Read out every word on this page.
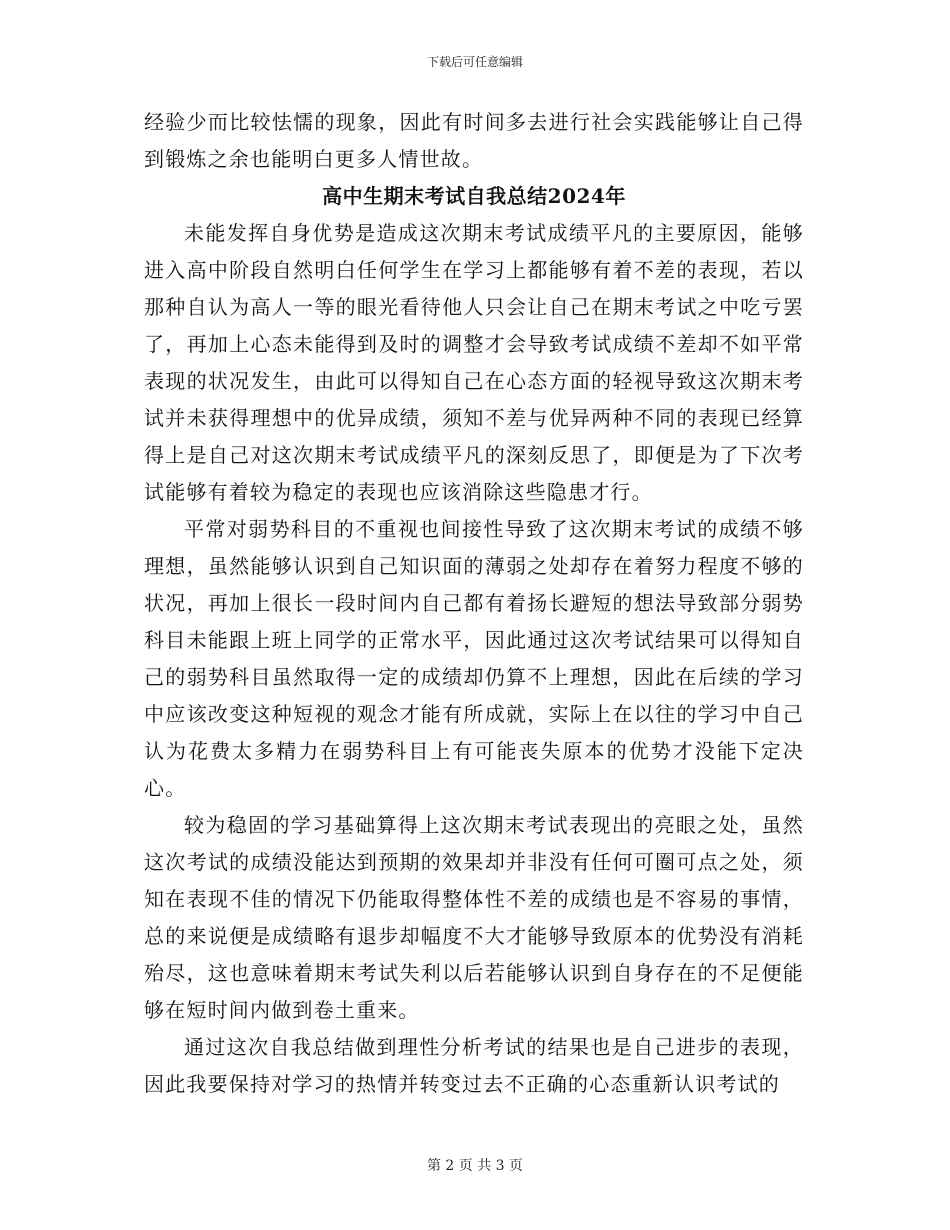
下载后可任意编辑

经验少而比较怯懦的现象，因此有时间多去进行社会实践能够让自己得到锻炼之余也能明白更多人情世故。

高中生期末考试自我总结2024年

未能发挥自身优势是造成这次期末考试成绩平凡的主要原因，能够进入高中阶段自然明白任何学生在学习上都能够有着不差的表现，若以那种自认为高人一等的眼光看待他人只会让自己在期末考试之中吃亏罢了，再加上心态未能得到及时的调整才会导致考试成绩不差却不如平常表现的状况发生，由此可以得知自己在心态方面的轻视导致这次期末考试并未获得理想中的优异成绩，须知不差与优异两种不同的表现已经算得上是自己对这次期末考试成绩平凡的深刻反思了，即便是为了下次考试能够有着较为稳定的表现也应该消除这些隐患才行。

平常对弱势科目的不重视也间接性导致了这次期末考试的成绩不够理想，虽然能够认识到自己知识面的薄弱之处却存在着努力程度不够的状况，再加上很长一段时间内自己都有着扬长避短的想法导致部分弱势科目未能跟上班上同学的正常水平，因此通过这次考试结果可以得知自己的弱势科目虽然取得一定的成绩却仍算不上理想，因此在后续的学习中应该改变这种短视的观念才能有所成就，实际上在以往的学习中自己认为花费太多精力在弱势科目上有可能丧失原本的优势才没能下定决心。

较为稳固的学习基础算得上这次期末考试表现出的亮眼之处，虽然这次考试的成绩没能达到预期的效果却并非没有任何可圈可点之处，须知在表现不佳的情况下仍能取得整体性不差的成绩也是不容易的事情，总的来说便是成绩略有退步却幅度不大才能够导致原本的优势没有消耗殆尽，这也意味着期末考试失利以后若能够认识到自身存在的不足便能够在短时间内做到卷土重来。

通过这次自我总结做到理性分析考试的结果也是自己进步的表现，因此我要保持对学习的热情并转变过去不正确的心态重新认识考试的

第 2 页 共 3 页
